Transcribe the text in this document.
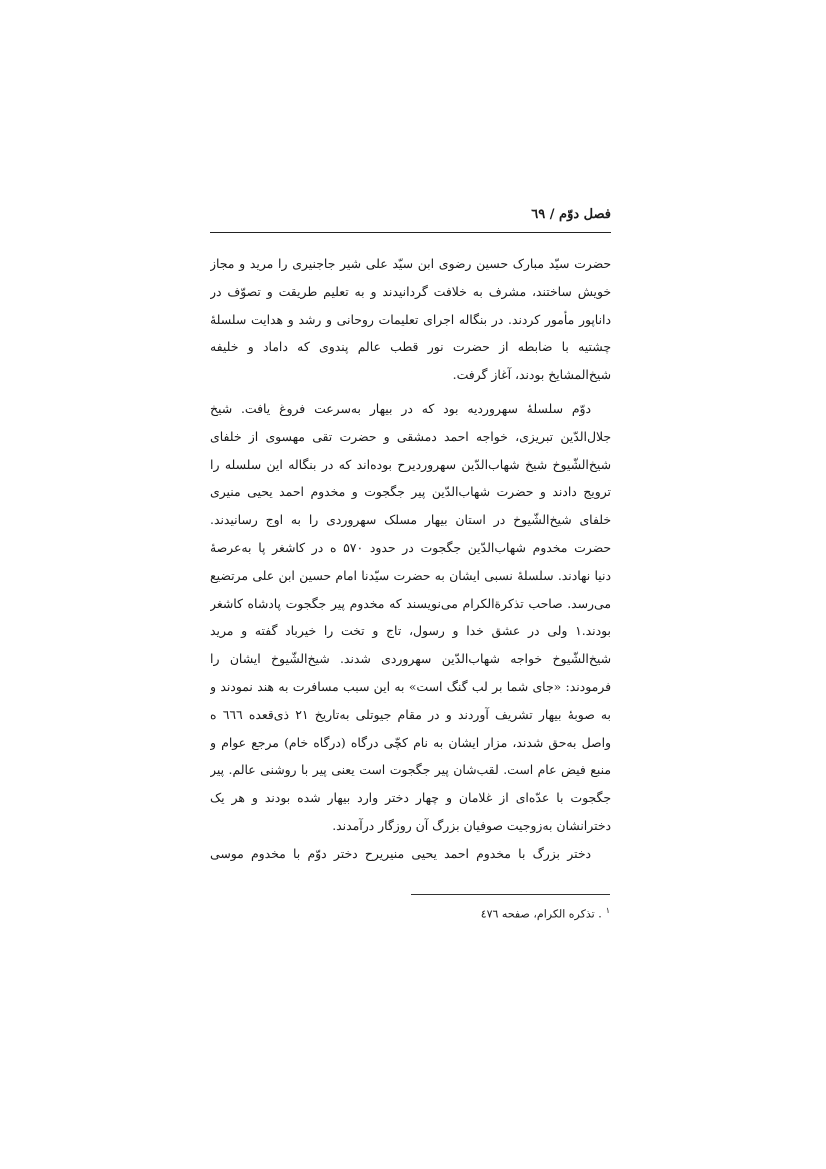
فصل دوّم / ٦٩
حضرت سیّد مبارک حسین رضوی ابن سیّد علی شیر جاجنیری را مرید و مجاز
خویش ساختند، مشرف به خلافت گردانیدند و به تعلیم طریقت و تصوّف در
داناپور مأمور کردند. در بنگاله اجرای تعلیمات روحانی و رشد و هدایت سلسلهٔ
چشتیه با ضابطه از حضرت نور قطب عالم پندوی که داماد و خلیفه
شیخ‌المشایخ بودند، آغاز گرفت.
دوّم سلسلهٔ سهروردیه بود که در بیهار به‌سرعت فروغ یافت. شیخ
جلال‌الدّین تبریزی، خواجه احمد دمشقی و حضرت تقی مهسوی از خلفای
شیخ‌الشّیوخ شیخ شهاب‌الدّین سهروردیرح بوده‌اند که در بنگاله این سلسله را
ترویج دادند و حضرت شهاب‌الدّین پیر جگجوت و مخدوم احمد یحیی منیری
خلفای شیخ‌الشّیوخ در استان بیهار مسلک سهروردی را به اوج رسانیدند.
حضرت مخدوم شهاب‌الدّین جگجوت در حدود ۵۷۰ ه در کاشغر پا به‌عرصهٔ
دنیا نهادند. سلسلهٔ نسبی ایشان به حضرت سیّدنا امام حسین ابن علی مرتضیع
می‌رسد. صاحب تذکرةالکرام می‌نویسند که مخدوم پیر جگجوت پادشاه کاشغر
بودند.١ ولی در عشق خدا و رسول، تاج و تخت را خیرباد گفته و مرید
شیخ‌الشّیوخ خواجه شهاب‌الدّین سهروردی شدند. شیخ‌الشّیوخ ایشان را
فرمودند: «جای شما بر لب گنگ است» به این سبب مسافرت به هند نمودند و
به صوبهٔ بیهار تشریف آوردند و در مقام جیوتلی به‌تاریخ ۲۱ ذی‌قعده ٦٦٦ ه
واصل به‌حق شدند، مزار ایشان به نام کچّی درگاه (درگاه خام) مرجع عوام و
منبع فیض عام است. لقب‌شان پیر جگجوت است یعنی پیر با روشنی عالم. پیر
جگجوت با عدّه‌ای از غلامان و چهار دختر وارد بیهار شده بودند و هر یک
دخترانشان به‌زوجیت صوفیان بزرگ آن روزگار درآمدند.
دختر بزرگ با مخدوم احمد یحیی منیریرح دختر دوّم با مخدوم موسی
$^١$. تذکره الکرام، صفحه ٤٧٦
